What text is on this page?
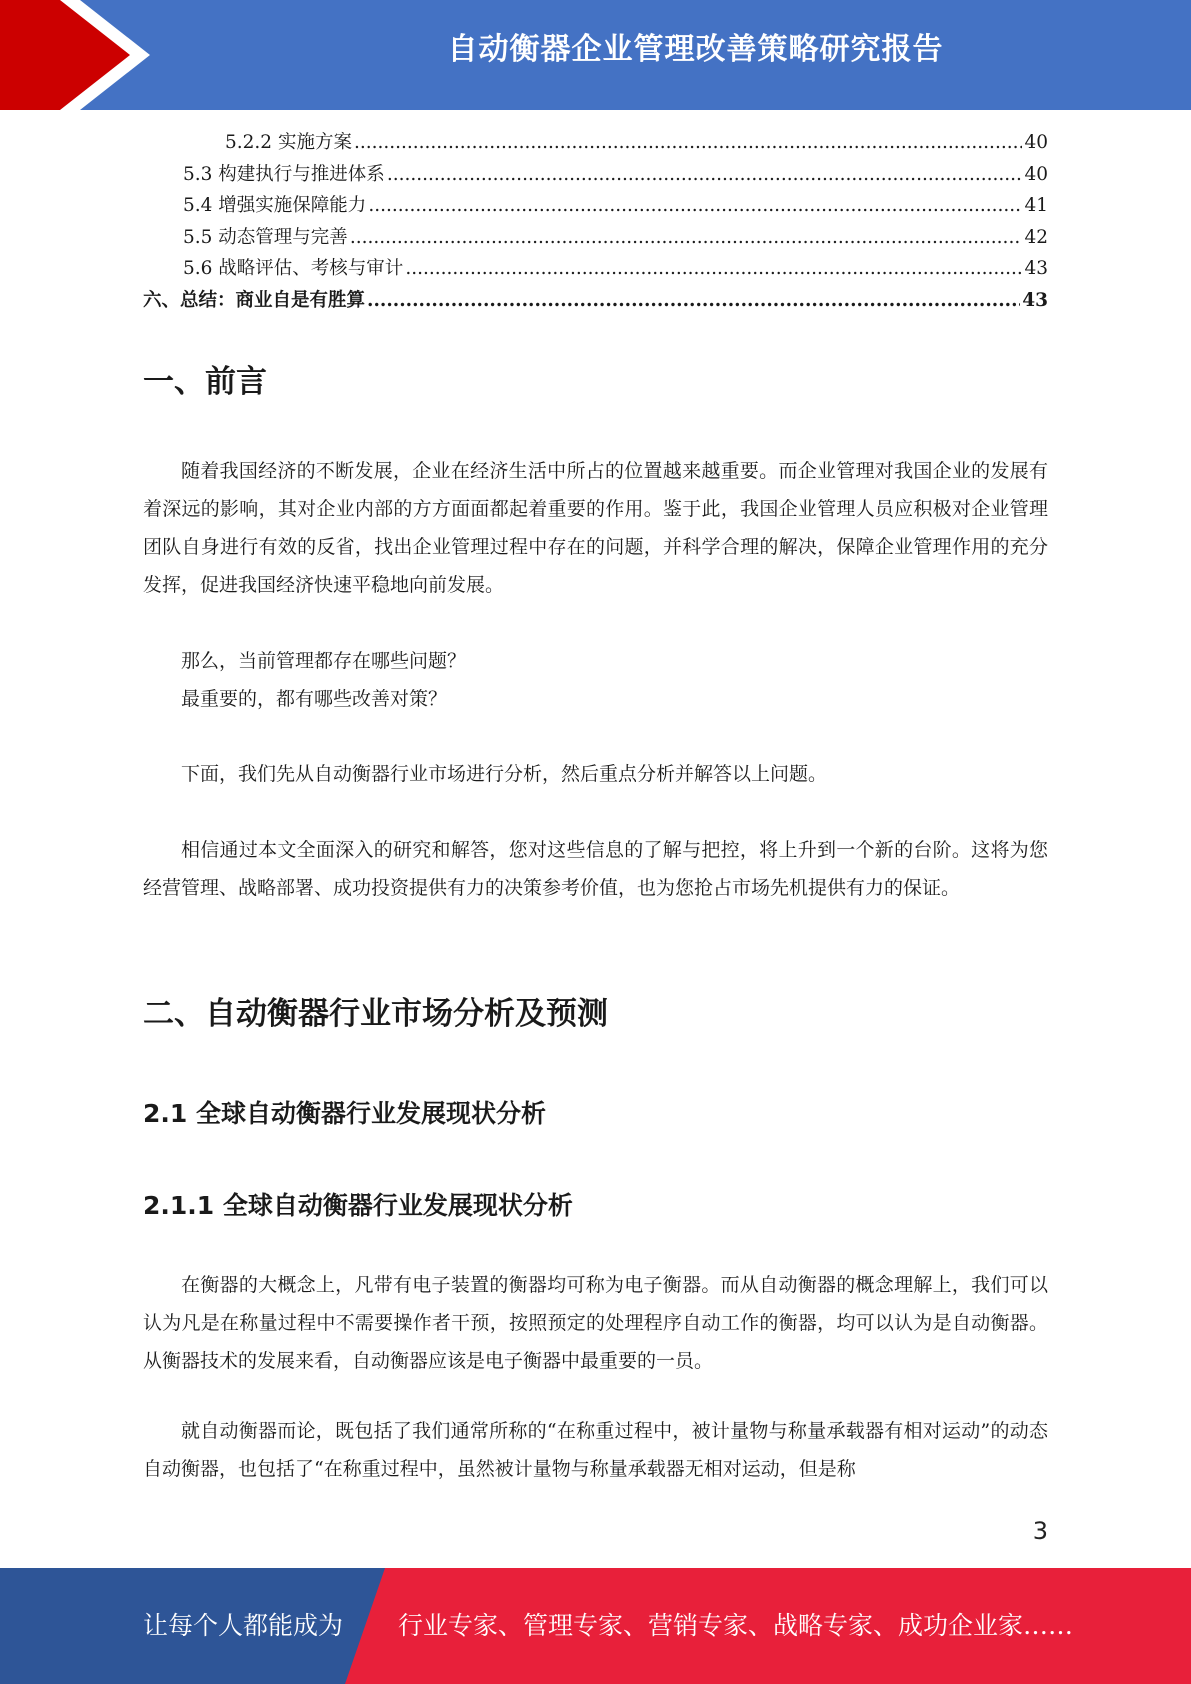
自动衡器企业管理改善策略研究报告
5.2.2 实施方案 .....	40
5.3 构建执行与推进体系 .....	40
5.4 增强实施保障能力 .....	41
5.5 动态管理与完善 .....	42
5.6 战略评估、考核与审计 .....	43
六、总结：商业自是有胜算 .....	43
一、前言

随着我国经济的不断发展，企业在经济生活中所占的位置越来越重要。而企业管理对我国企业的发展有着深远的影响，其对企业内部的方方面面都起着重要的作用。鉴于此，我国企业管理人员应积极对企业管理团队自身进行有效的反省，找出企业管理过程中存在的问题，并科学合理的解决，保障企业管理作用的充分发挥，促进我国经济快速平稳地向前发展。

那么，当前管理都存在哪些问题？

最重要的，都有哪些改善对策？

下面，我们先从自动衡器行业市场进行分析，然后重点分析并解答以上问题。

相信通过本文全面深入的研究和解答，您对这些信息的了解与把控，将上升到一个新的台阶。这将为您经营管理、战略部署、成功投资提供有力的决策参考价值，也为您抢占市场先机提供有力的保证。

二、自动衡器行业市场分析及预测
2.1 全球自动衡器行业发展现状分析
2.1.1 全球自动衡器行业发展现状分析

在衡器的大概念上，凡带有电子装置的衡器均可称为电子衡器。而从自动衡器的概念理解上，我们可以认为凡是在称量过程中不需要操作者干预，按照预定的处理程序自动工作的衡器，均可以认为是自动衡器。从衡器技术的发展来看，自动衡器应该是电子衡器中最重要的一员。

就自动衡器而论，既包括了我们通常所称的“在称重过程中，被计量物与称量承载器有相对运动”的动态自动衡器，也包括了“在称重过程中，虽然被计量物与称量承载器无相对运动，但是称

3
让每个人都能成为 行业专家、管理专家、营销专家、战略专家、成功企业家……
